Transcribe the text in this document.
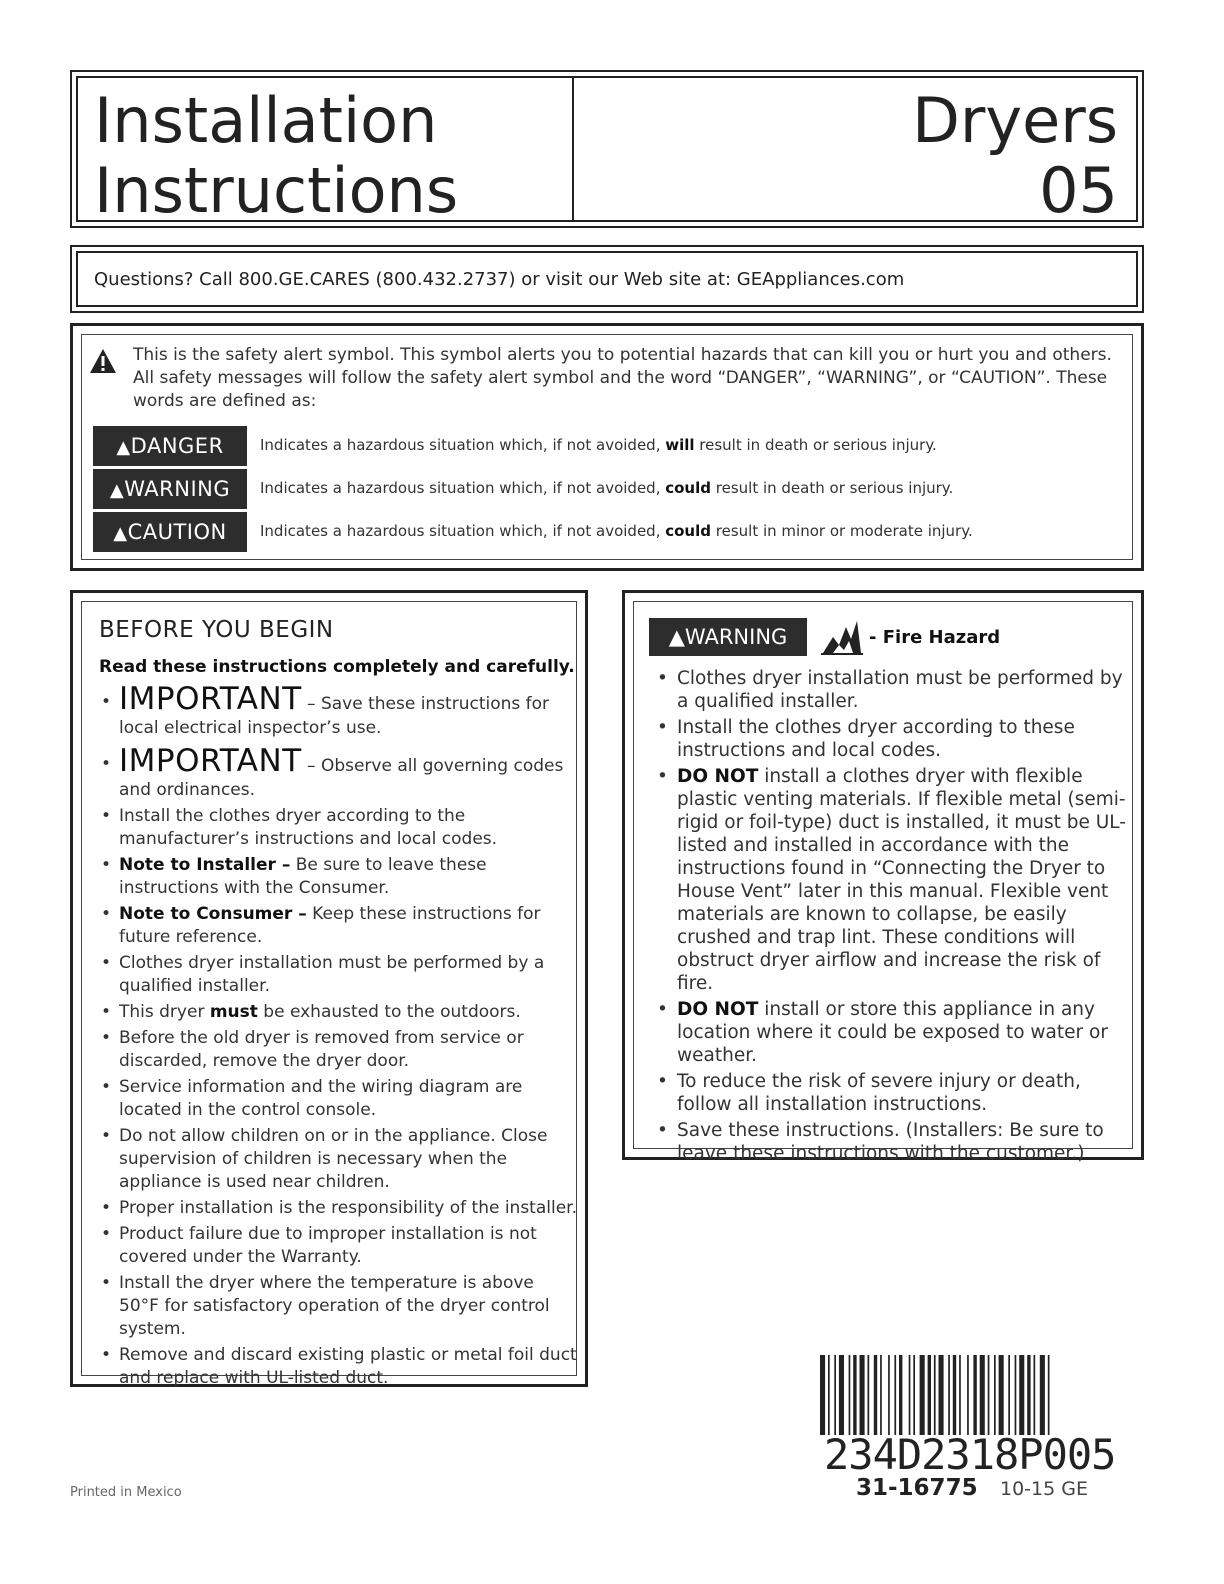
Installation
Instructions
Dryers
05
Questions? Call 800.GE.CARES (800.432.2737) or visit our Web site at: GEAppliances.com
This is the safety alert symbol. This symbol alerts you to potential hazards that can kill you or hurt you and others. All safety messages will follow the safety alert symbol and the word “DANGER”, “WARNING”, or “CAUTION”. These words are defined as:
▲DANGER	Indicates a hazardous situation which, if not avoided, will result in death or serious injury.
▲WARNING	Indicates a hazardous situation which, if not avoided, could result in death or serious injury.
▲CAUTION	Indicates a hazardous situation which, if not avoided, could result in minor or moderate injury.
BEFORE YOU BEGIN
Read these instructions completely and carefully.
• IMPORTANT – Save these instructions for local electrical inspector’s use.
• IMPORTANT – Observe all governing codes and ordinances.
• Install the clothes dryer according to the manufacturer’s instructions and local codes.
• Note to Installer – Be sure to leave these instructions with the Consumer.
• Note to Consumer – Keep these instructions for future reference.
• Clothes dryer installation must be performed by a qualified installer.
• This dryer must be exhausted to the outdoors.
• Before the old dryer is removed from service or discarded, remove the dryer door.
• Service information and the wiring diagram are located in the control console.
• Do not allow children on or in the appliance. Close supervision of children is necessary when the appliance is used near children.
• Proper installation is the responsibility of the installer.
• Product failure due to improper installation is not covered under the Warranty.
• Install the dryer where the temperature is above 50°F for satisfactory operation of the dryer control system.
• Remove and discard existing plastic or metal foil duct and replace with UL-listed duct.
▲WARNING	- Fire Hazard
• Clothes dryer installation must be performed by a qualified installer.
• Install the clothes dryer according to these instructions and local codes.
• DO NOT install a clothes dryer with flexible plastic venting materials. If flexible metal (semi-rigid or foil-type) duct is installed, it must be UL-listed and installed in accordance with the instructions found in “Connecting the Dryer to House Vent” later in this manual. Flexible vent materials are known to collapse, be easily crushed and trap lint. These conditions will obstruct dryer airflow and increase the risk of fire.
• DO NOT install or store this appliance in any location where it could be exposed to water or weather.
• To reduce the risk of severe injury or death, follow all installation instructions.
• Save these instructions. (Installers: Be sure to leave these instructions with the customer.)
234D2318P005
31-16775 10-15 GE
Printed in Mexico
